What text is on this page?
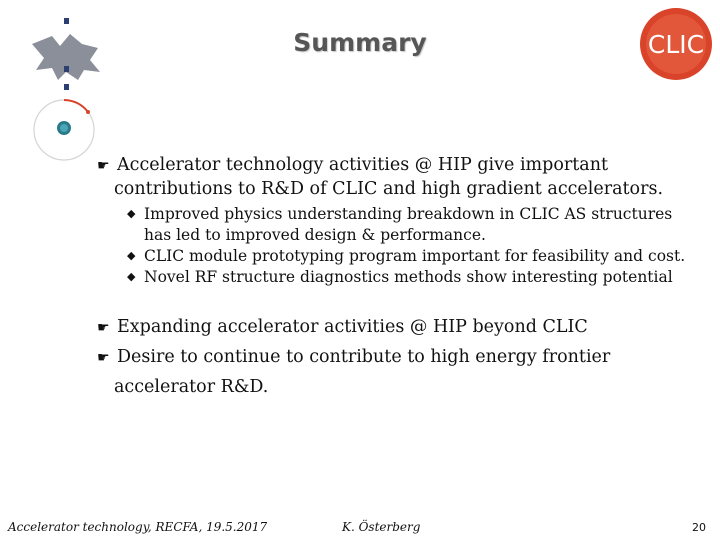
CLIC
Summary
☛ Accelerator technology activities @ HIP give important
contributions to R&D of CLIC and high gradient accelerators.
◆ Improved physics understanding breakdown in CLIC AS structures
has led to improved design & performance.
◆ CLIC module prototyping program important for feasibility and cost.
◆ Novel RF structure diagnostics methods show interesting potential
☛ Expanding accelerator activities @ HIP beyond CLIC
☛ Desire to continue to contribute to high energy frontier
accelerator R&D.
Accelerator technology, RECFA, 19.5.2017	K. Österberg	20
